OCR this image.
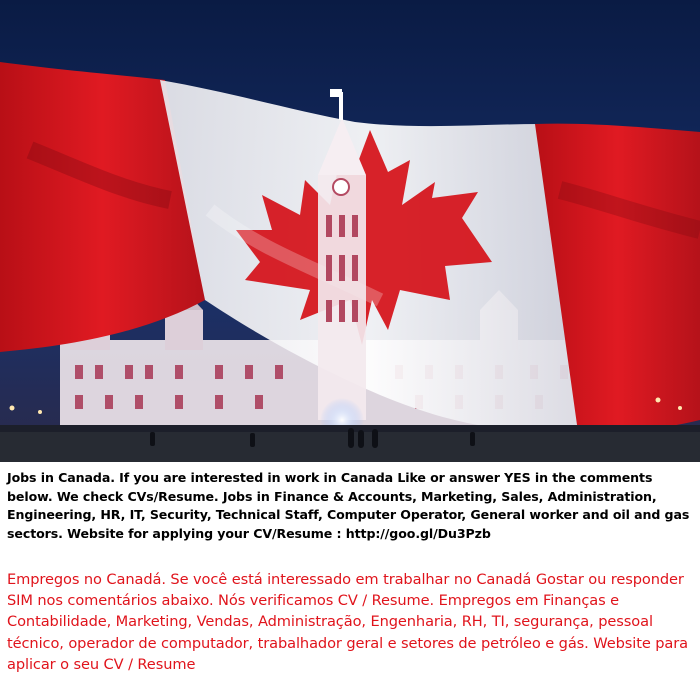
Jobs in Canada. If you are interested in work in Canada Like or answer YES in the comments below. We check CVs/Resume. Jobs in Finance & Accounts, Marketing, Sales, Administration, Engineering, HR, IT, Security, Technical Staff, Computer Operator, General worker and oil and gas sectors. Website for applying your CV/Resume : http://goo.gl/Du3Pzb
Empregos no Canadá. Se você está interessado em trabalhar no Canadá Gostar ou responder SIM nos comentários abaixo. Nós verificamos CV / Resume. Empregos em Finanças e Contabilidade, Marketing, Vendas, Administração, Engenharia, RH, TI, segurança, pessoal técnico, operador de computador, trabalhador geral e setores de petróleo e gás. Website para aplicar o seu CV / Resume
